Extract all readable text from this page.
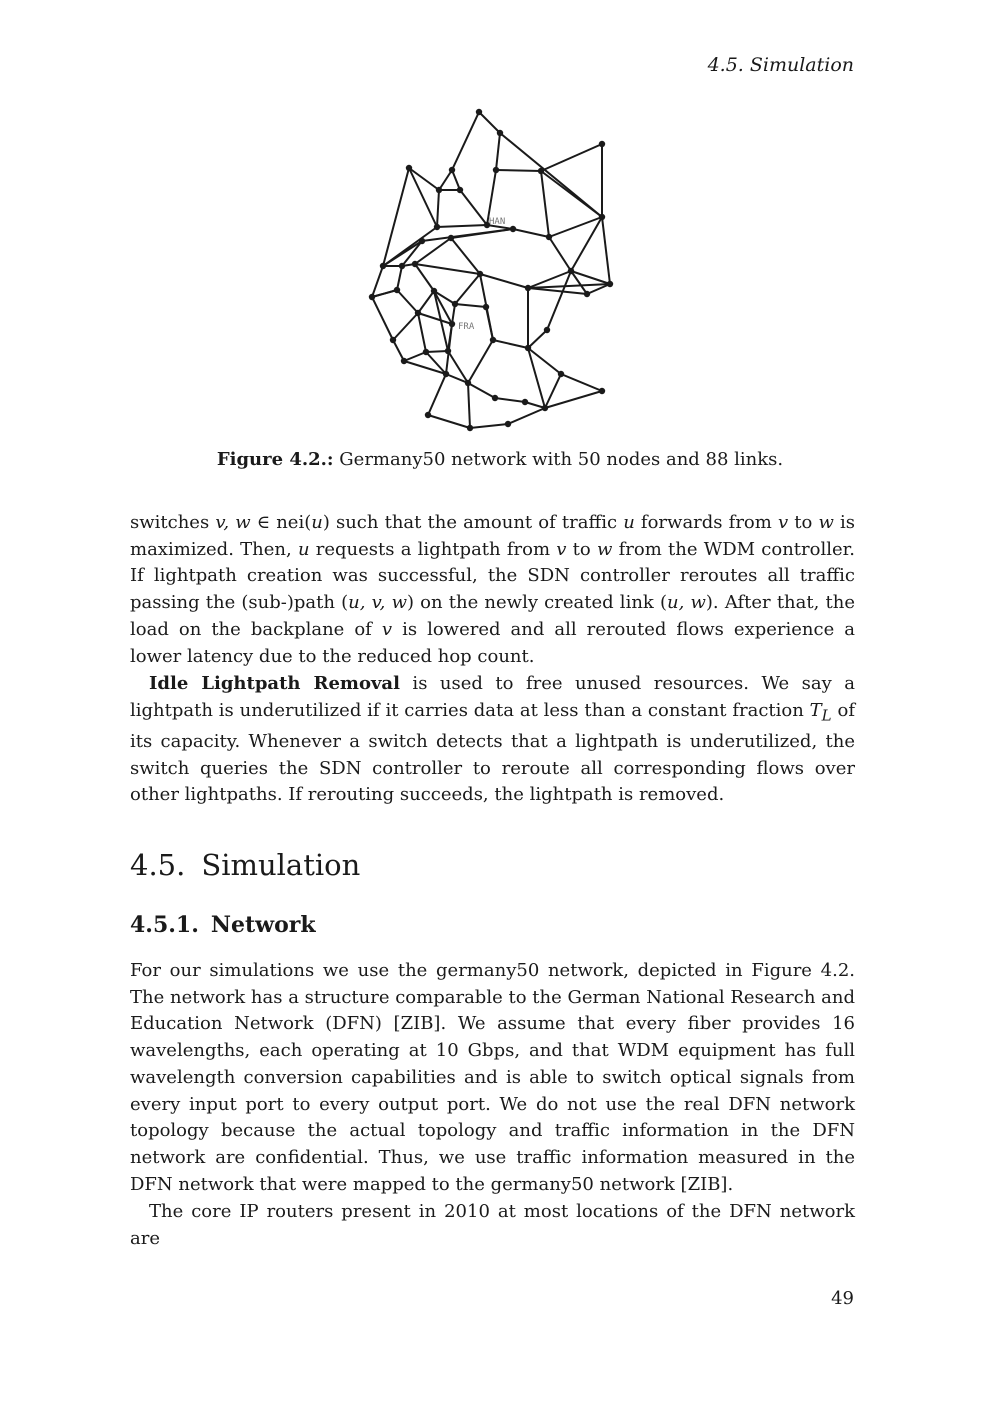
4.5. Simulation
HAN
FRA
Figure 4.2.: Germany50 network with 50 nodes and 88 links.
switches v, w ∈ nei(u) such that the amount of traffic u forwards from v to w is maximized. Then, u requests a lightpath from v to w from the WDM controller. If lightpath creation was successful, the SDN controller reroutes all traffic passing the (sub-)path (u, v, w) on the newly created link (u, w). After that, the load on the backplane of v is lowered and all rerouted flows experience a lower latency due to the reduced hop count.
Idle Lightpath Removal is used to free unused resources. We say a lightpath is underutilized if it carries data at less than a constant fraction $T_L$ of its capacity. Whenever a switch detects that a lightpath is underutilized, the switch queries the SDN controller to reroute all corresponding flows over other lightpaths. If rerouting succeeds, the lightpath is removed.
4.5. Simulation
4.5.1. Network
For our simulations we use the germany50 network, depicted in Figure 4.2. The network has a structure comparable to the German National Research and Education Network (DFN) [ZIB]. We assume that every fiber provides 16 wavelengths, each operating at 10 Gbps, and that WDM equipment has full wavelength conversion capabilities and is able to switch optical signals from every input port to every output port. We do not use the real DFN network topology because the actual topology and traffic information in the DFN network are confidential. Thus, we use traffic information measured in the DFN network that were mapped to the germany50 network [ZIB].
The core IP routers present in 2010 at most locations of the DFN network are
49
